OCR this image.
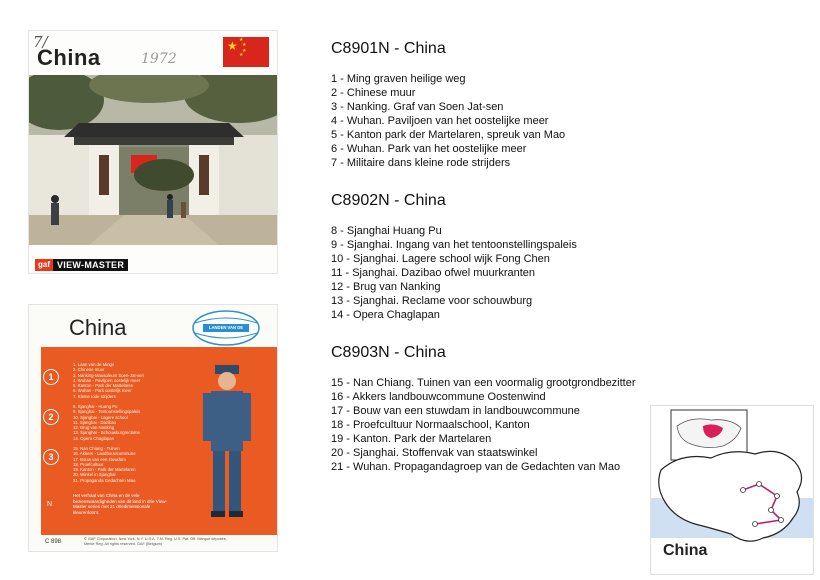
7/
China	1972
★ ★
★
★
★
gaf VIEW-MASTER
China	LANDEN VAN DE WERELD
1
2
3
1. Laan van de Mings
2. Chinese muur
3. Nanking-Mausoleum Soen-Jat-sen
4. Wuhan - Paviljoen oostelijk meer
5. Kanton - Park der Martelaren
6. Wuhan - Park oostelijk meer
7. Kleine rode strijders
8. Sjanghai - Huang Pu
9. Sjanghai - Tentoonstellingspaleis
10. Sjanghai - Lagere school
11. Sjanghai - Dazibao
12. Brug van Nanking
13. Sjanghai - Schouwburgreclame
14. Opera Chaglapan
15. Nan Chiang - Tuinen
16. Akkers - Landbouwcommune
17. Bouw van een stuwdam
18. Proefcultuur
19. Kanton - Park der Martelaren
20. Winkel in Sjanghai
21. Propaganda Gedachten Mao
Het verhaal van China en de vele bezienswaardigheden van dit land in drie View-Master series met 21 driedimensionale kleurenfoto's.
N
C 898	© GAF Corporation, New York, N.Y. U.S.A. T.M. Reg. U.S. Pat. Off. Marque déposée, Merke Reg. All rights reserved. GAF (Belgium)
C8901N - China
1 - Ming graven heilige weg
2 - Chinese muur
3 - Nanking. Graf van Soen Jat-sen
4 - Wuhan. Paviljoen van het oostelijke meer
5 - Kanton park der Martelaren, spreuk van Mao
6 - Wuhan. Park van het oostelijke meer
7 - Militaire dans kleine rode strijders
C8902N - China
8 - Sjanghai Huang Pu
9 - Sjanghai. Ingang van het tentoonstellingspaleis
10 - Sjanghai. Lagere school wijk Fong Chen
11 - Sjanghai. Dazibao ofwel muurkranten
12 - Brug van Nanking
13 - Sjanghai. Reclame voor schouwburg
14 - Opera Chaglapan
C8903N - China
15 - Nan Chiang. Tuinen van een voormalig grootgrondbezitter
16 - Akkers landbouwcommune Oostenwind
17 - Bouw van een stuwdam in landbouwcommune
18 - Proefcultuur Normaalschool, Kanton
19 - Kanton. Park der Martelaren
20 - Sjanghai. Stoffenvak van staatswinkel
21 - Wuhan. Propagandagroep van de Gedachten van Mao
China
